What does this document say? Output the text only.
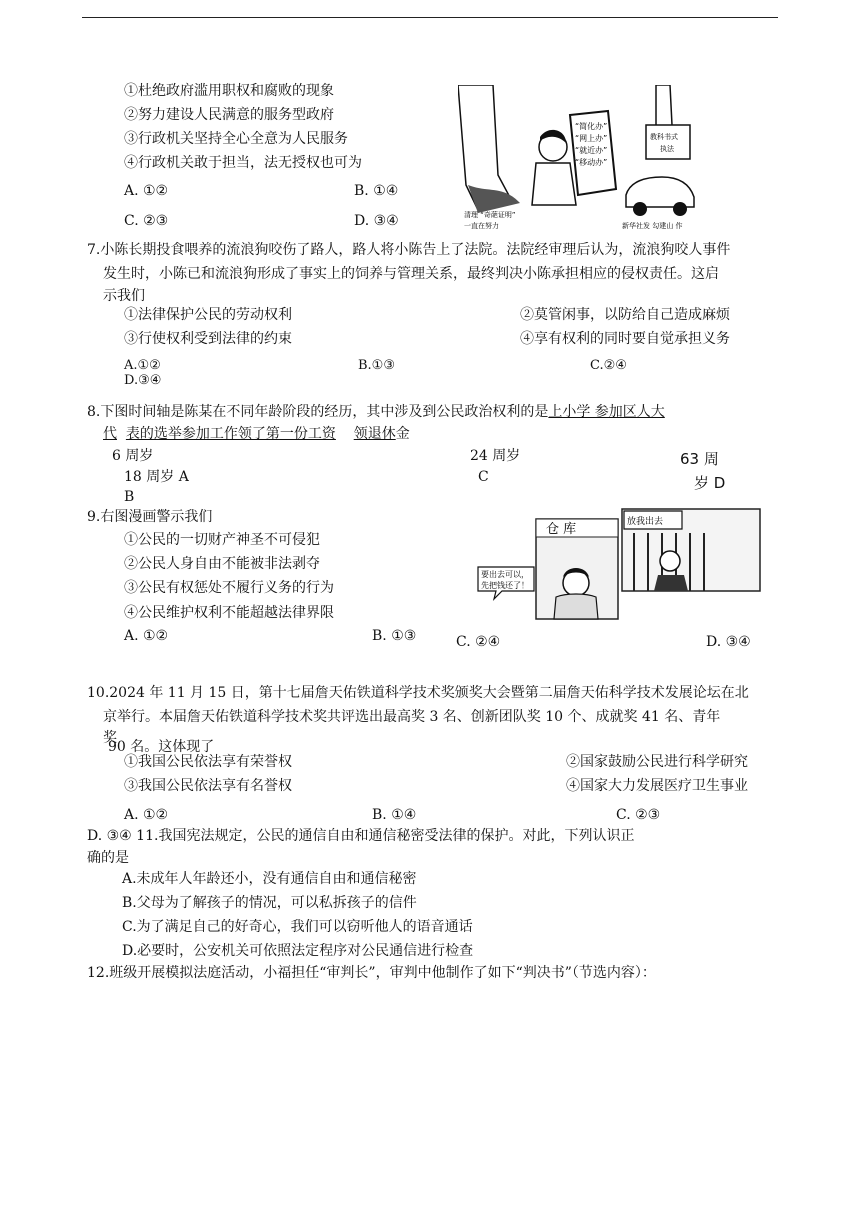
①杜绝政府滥用职权和腐败的现象
②努力建设人民满意的服务型政府
③行政机关坚持全心全意为人民服务
④行政机关敢于担当，法无授权也可为
A. ①②	B. ①④
C. ②③	D. ③④
“简化办”
“网上办”
“就近办”
“移动办”
教科书式
执法
清理 “奇葩证明”
一直在努力	新华社发 勾建山 作
7.小陈长期投食喂养的流浪狗咬伤了路人，路人将小陈告上了法院。法院经审理后认为，流浪狗咬人事件
发生时，小陈已和流浪狗形成了事实上的饲养与管理关系，最终判决小陈承担相应的侵权责任。这启
示我们
①法律保护公民的劳动权利	②莫管闲事，以防给自己造成麻烦
③行使权利受到法律的约束	④享有权利的同时要自觉承担义务
A.①②	B.①③	C.②④
D.③④
8.下图时间轴是陈某在不同年龄阶段的经历，其中涉及到公民政治权利的是上小学 参加区人大
代 表的选举参加工作领了第一份工资 领退休金
6 周岁	24 周岁	63 周
岁 D
18 周岁 A	C
B
9.右图漫画警示我们
①公民的一切财产神圣不可侵犯
②公民人身自由不能被非法剥夺
③公民有权惩处不履行义务的行为
④公民维护权利不能超越法律界限
A. ①②	B. ①③	C. ②④	D. ③④
仓 库
要出去可以，
先把钱还了！
放我出去
10.2024 年 11 月 15 日，第十七届詹天佑铁道科学技术奖颁奖大会暨第二届詹天佑科学技术发展论坛在北
京举行。本届詹天佑铁道科学技术奖共评选出最高奖 3 名、创新团队奖 10 个、成就奖 41 名、青年
奖
90 名。这体现了
①我国公民依法享有荣誉权	②国家鼓励公民进行科学研究
③我国公民依法享有名誉权	④国家大力发展医疗卫生事业
A. ①②	B. ①④	C. ②③
D. ③④ 11.我国宪法规定，公民的通信自由和通信秘密受法律的保护。对此，下列认识正
确的是
A.未成年人年龄还小，没有通信自由和通信秘密
B.父母为了解孩子的情况，可以私拆孩子的信件
C.为了满足自己的好奇心，我们可以窃听他人的语音通话
D.必要时，公安机关可依照法定程序对公民通信进行检查
12.班级开展模拟法庭活动，小福担任“审判长”，审判中他制作了如下“判决书”（节选内容）：
